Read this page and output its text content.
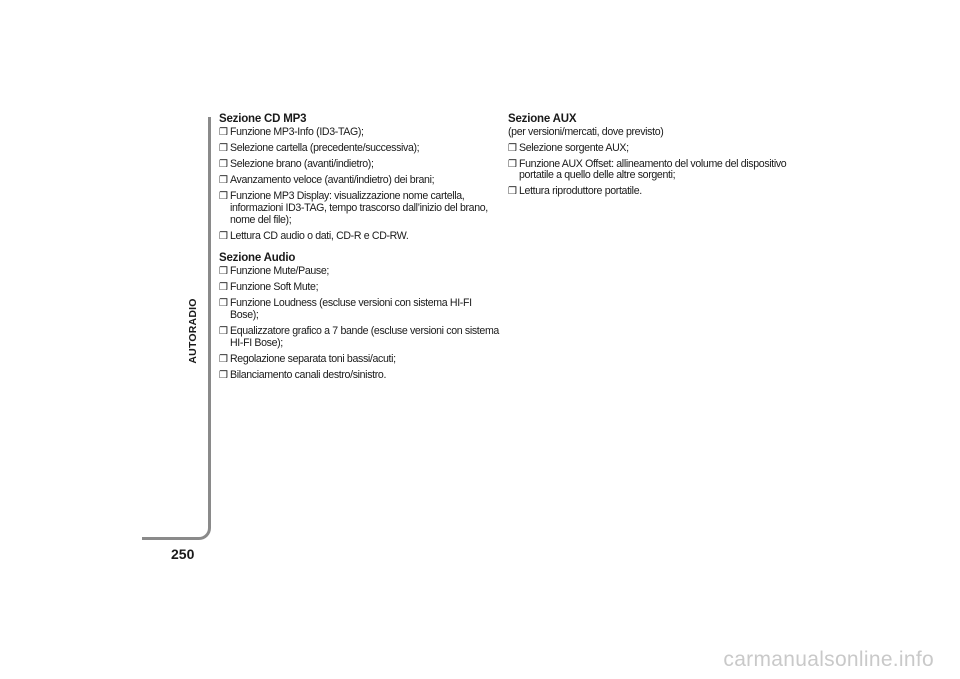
AUTORADIO
250
Sezione CD MP3
❒ Funzione MP3-Info (ID3-TAG);
❒ Selezione cartella (precedente/successiva);
❒ Selezione brano (avanti/indietro);
❒ Avanzamento veloce (avanti/indietro) dei brani;
❒ Funzione MP3 Display: visualizzazione nome cartella, informazioni ID3-TAG, tempo trascorso dall’inizio del brano, nome del file);
❒ Lettura CD audio o dati, CD-R e CD-RW.
Sezione Audio
❒ Funzione Mute/Pause;
❒ Funzione Soft Mute;
❒ Funzione Loudness (escluse versioni con sistema HI-FI Bose);
❒ Equalizzatore grafico a 7 bande (escluse versioni con sistema HI-FI Bose);
❒ Regolazione separata toni bassi/acuti;
❒ Bilanciamento canali destro/sinistro.
Sezione AUX
(per versioni/mercati, dove previsto)
❒ Selezione sorgente AUX;
❒ Funzione AUX Offset: allineamento del volume del dispositivo portatile a quello delle altre sorgenti;
❒ Lettura riproduttore portatile.
carmanualsonline.info
